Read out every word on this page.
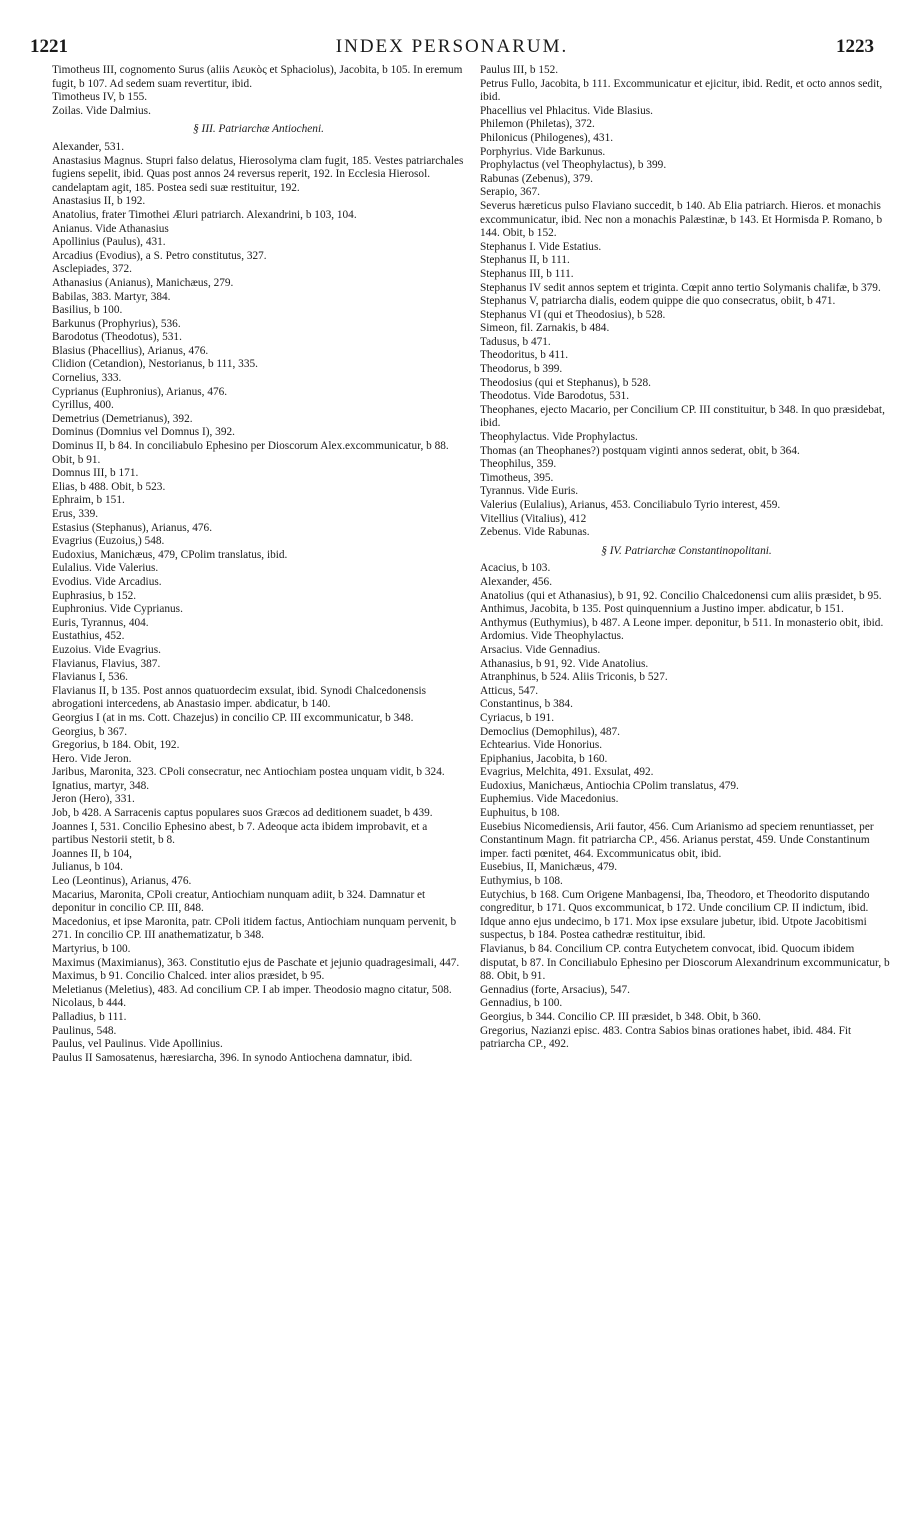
1221	INDEX PERSONARUM.	1223

Timotheus III, cognomento Surus (aliis Λευκὸς et Sphaciolus), Jacobita, b 105. In eremum fugit, b 107. Ad sedem suam revertitur, ibid.

Timotheus IV, b 155.

Zoilas. Vide Dalmius.

§ III. Patriarchæ Antiocheni.

Alexander, 531.

Anastasius Magnus. Stupri falso delatus, Hierosolyma clam fugit, 185. Vestes patriarchales fugiens sepelit, ibid. Quas post annos 24 reversus reperit, 192. In Ecclesia Hierosol. candelaptam agit, 185. Postea sedi suæ restituitur, 192.

Anastasius II, b 192.

Anatolius, frater Timothei Æluri patriarch. Alexandrini, b 103, 104.

Anianus. Vide Athanasius

Apollinius (Paulus), 431.

Arcadius (Evodius), a S. Petro constitutus, 327.

Asclepiades, 372.

Athanasius (Anianus), Manichæus, 279.

Babilas, 383. Martyr, 384.

Basilius, b 100.

Barkunus (Prophyrius), 536.

Barodotus (Theodotus), 531.

Blasius (Phacellius), Arianus, 476.

Clidion (Cetandion), Nestorianus, b 111, 335.

Cornelius, 333.

Cyprianus (Euphronius), Arianus, 476.

Cyrillus, 400.

Demetrius (Demetrianus), 392.

Dominus (Domnius vel Domnus I), 392.

Dominus II, b 84. In conciliabulo Ephesino per Dioscorum Alex.excommunicatur, b 88. Obit, b 91.

Domnus III, b 171.

Elias, b 488. Obit, b 523.

Ephraim, b 151.

Erus, 339.

Estasius (Stephanus), Arianus, 476.

Evagrius (Euzoius,) 548.

Eudoxius, Manichæus, 479, CPolim translatus, ibid.

Eulalius. Vide Valerius.

Evodius. Vide Arcadius.

Euphrasius, b 152.

Euphronius. Vide Cyprianus.

Euris, Tyrannus, 404.

Eustathius, 452.

Euzoius. Vide Evagrius.

Flavianus, Flavius, 387.

Flavianus I, 536.

Flavianus II, b 135. Post annos quatuordecim exsulat, ibid. Synodi Chalcedonensis abrogationi intercedens, ab Anastasio imper. abdicatur, b 140.

Georgius I (at in ms. Cott. Chazejus) in concilio CP. III excommunicatur, b 348.

Georgius, b 367.

Gregorius, b 184. Obit, 192.

Hero. Vide Jeron.

Jaribus, Maronita, 323. CPoli consecratur, nec Antiochiam postea unquam vidit, b 324.

Ignatius, martyr, 348.

Jeron (Hero), 331.

Job, b 428. A Sarracenis captus populares suos Græcos ad deditionem suadet, b 439.

Joannes I, 531. Concilio Ephesino abest, b 7. Adeoque acta ibidem improbavit, et a partibus Nestorii stetit, b 8.

Joannes II, b 104,

Julianus, b 104.

Leo (Leontinus), Arianus, 476.

Macarius, Maronita, CPoli creatur, Antiochiam nunquam adiit, b 324. Damnatur et deponitur in concilio CP. III, 848.

Macedonius, et ipse Maronita, patr. CPoli itidem factus, Antiochiam nunquam pervenit, b 271. In concilio CP. III anathematizatur, b 348.

Martyrius, b 100.

Maximus (Maximianus), 363. Constitutio ejus de Paschate et jejunio quadragesimali, 447.

Maximus, b 91. Concilio Chalced. inter alios præsidet, b 95.

Meletianus (Meletius), 483. Ad concilium CP. I ab imper. Theodosio magno citatur, 508.

Nicolaus, b 444.

Palladius, b 111.

Paulinus, 548.

Paulus, vel Paulinus. Vide Apollinius.

Paulus II Samosatenus, hæresiarcha, 396. In synodo Antiochena damnatur, ibid.

Paulus III, b 152.

Petrus Fullo, Jacobita, b 111. Excommunicatur et ejicitur, ibid. Redit, et octo annos sedit, ibid.

Phacellius vel Phlacitus. Vide Blasius.

Philemon (Philetas), 372.

Philonicus (Philogenes), 431.

Porphyrius. Vide Barkunus.

Prophylactus (vel Theophylactus), b 399.

Rabunas (Zebenus), 379.

Serapio, 367.

Severus hæreticus pulso Flaviano succedit, b 140. Ab Elia patriarch. Hieros. et monachis excommunicatur, ibid. Nec non a monachis Palæstinæ, b 143. Et Hormisda P. Romano, b 144. Obit, b 152.

Stephanus I. Vide Estatius.

Stephanus II, b 111.

Stephanus III, b 111.

Stephanus IV sedit annos septem et triginta. Cœpit anno tertio Solymanis chalifæ, b 379.

Stephanus V, patriarcha dialis, eodem quippe die quo consecratus, obiit, b 471.

Stephanus VI (qui et Theodosius), b 528.

Simeon, fil. Zarnakis, b 484.

Tadusus, b 471.

Theodoritus, b 411.

Theodorus, b 399.

Theodosius (qui et Stephanus), b 528.

Theodotus. Vide Barodotus, 531.

Theophanes, ejecto Macario, per Concilium CP. III constituitur, b 348. In quo præsidebat, ibid.

Theophylactus. Vide Prophylactus.

Thomas (an Theophanes?) postquam viginti annos sederat, obit, b 364.

Theophilus, 359.

Timotheus, 395.

Tyrannus. Vide Euris.

Valerius (Eulalius), Arianus, 453. Conciliabulo Tyrio interest, 459.

Vitellius (Vitalius), 412

Zebenus. Vide Rabunas.

§ IV. Patriarchæ Constantinopolitani.

Acacius, b 103.

Alexander, 456.

Anatolius (qui et Athanasius), b 91, 92. Concilio Chalcedonensi cum aliis præsidet, b 95.

Anthimus, Jacobita, b 135. Post quinquennium a Justino imper. abdicatur, b 151.

Anthymus (Euthymius), b 487. A Leone imper. deponitur, b 511. In monasterio obit, ibid.

Ardomius. Vide Theophylactus.

Arsacius. Vide Gennadius.

Athanasius, b 91, 92. Vide Anatolius.

Atranphinus, b 524. Aliis Triconis, b 527.

Atticus, 547.

Constantinus, b 384.

Cyriacus, b 191.

Democlius (Demophilus), 487.

Echtearius. Vide Honorius.

Epiphanius, Jacobita, b 160.

Evagrius, Melchita, 491. Exsulat, 492.

Eudoxius, Manichæus, Antiochia CPolim translatus, 479.

Euphemius. Vide Macedonius.

Euphuitus, b 108.

Eusebius Nicomediensis, Arii fautor, 456. Cum Arianismo ad speciem renuntiasset, per Constantinum Magn. fit patriarcha CP., 456. Arianus perstat, 459. Unde Constantinum imper. facti pœnitet, 464. Excommunicatus obit, ibid.

Eusebius, II, Manichæus, 479.

Euthymius, b 108.

Eutychius, b 168. Cum Origene Manbagensi, Iba, Theodoro, et Theodorito disputando congreditur, b 171. Quos excommunicat, b 172. Unde concilium CP. II indictum, ibid. Idque anno ejus undecimo, b 171. Mox ipse exsulare jubetur, ibid. Utpote Jacobitismi suspectus, b 184. Postea cathedræ restituitur, ibid.

Flavianus, b 84. Concilium CP. contra Eutychetem convocat, ibid. Quocum ibidem disputat, b 87. In Conciliabulo Ephesino per Dioscorum Alexandrinum excommunicatur, b 88. Obit, b 91.

Gennadius (forte, Arsacius), 547.

Gennadius, b 100.

Georgius, b 344. Concilio CP. III præsidet, b 348. Obit, b 360.

Gregorius, Nazianzi episc. 483. Contra Sabios binas orationes habet, ibid. 484. Fit patriarcha CP., 492.
